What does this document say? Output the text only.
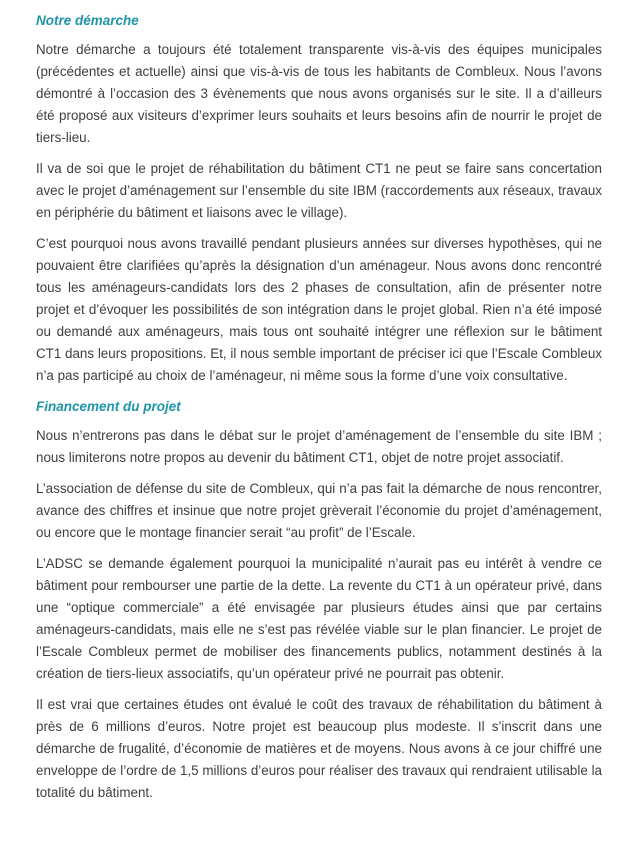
Notre démarche

Notre démarche a toujours été totalement transparente vis-à-vis des équipes municipales (précédentes et actuelle) ainsi que vis-à-vis de tous les habitants de Combleux. Nous l’avons démontré à l’occasion des 3 évènements que nous avons organisés sur le site. Il a d’ailleurs été proposé aux visiteurs d’exprimer leurs souhaits et leurs besoins afin de nourrir le projet de tiers-lieu.

Il va de soi que le projet de réhabilitation du bâtiment CT1 ne peut se faire sans concertation avec le projet d’aménagement sur l’ensemble du site IBM (raccordements aux réseaux, travaux en périphérie du bâtiment et liaisons avec le village).

C’est pourquoi nous avons travaillé pendant plusieurs années sur diverses hypothèses, qui ne pouvaient être clarifiées qu’après la désignation d’un aménageur. Nous avons donc rencontré tous les aménageurs-candidats lors des 2 phases de consultation, afin de présenter notre projet et d’évoquer les possibilités de son intégration dans le projet global. Rien n’a été imposé ou demandé aux aménageurs, mais tous ont souhaité intégrer une réflexion sur le bâtiment CT1 dans leurs propositions. Et, il nous semble important de préciser ici que l’Escale Combleux n’a pas participé au choix de l’aménageur, ni même sous la forme d’une voix consultative.

Financement du projet

Nous n’entrerons pas dans le débat sur le projet d’aménagement de l’ensemble du site IBM ; nous limiterons notre propos au devenir du bâtiment CT1, objet de notre projet associatif.

L’association de défense du site de Combleux, qui n’a pas fait la démarche de nous rencontrer, avance des chiffres et insinue que notre projet grèverait l’économie du projet d’aménagement, ou encore que le montage financier serait “au profit” de l’Escale.

L’ADSC se demande également pourquoi la municipalité n’aurait pas eu intérêt à vendre ce bâtiment pour rembourser une partie de la dette. La revente du CT1 à un opérateur privé, dans une “optique commerciale” a été envisagée par plusieurs études ainsi que par certains aménageurs-candidats, mais elle ne s’est pas révélée viable sur le plan financier. Le projet de l’Escale Combleux permet de mobiliser des financements publics, notamment destinés à la création de tiers-lieux associatifs, qu’un opérateur privé ne pourrait pas obtenir.

Il est vrai que certaines études ont évalué le coût des travaux de réhabilitation du bâtiment à près de 6 millions d’euros. Notre projet est beaucoup plus modeste. Il s’inscrit dans une démarche de frugalité, d’économie de matières et de moyens. Nous avons à ce jour chiffré une enveloppe de l’ordre de 1,5 millions d’euros pour réaliser des travaux qui rendraient utilisable la totalité du bâtiment.
